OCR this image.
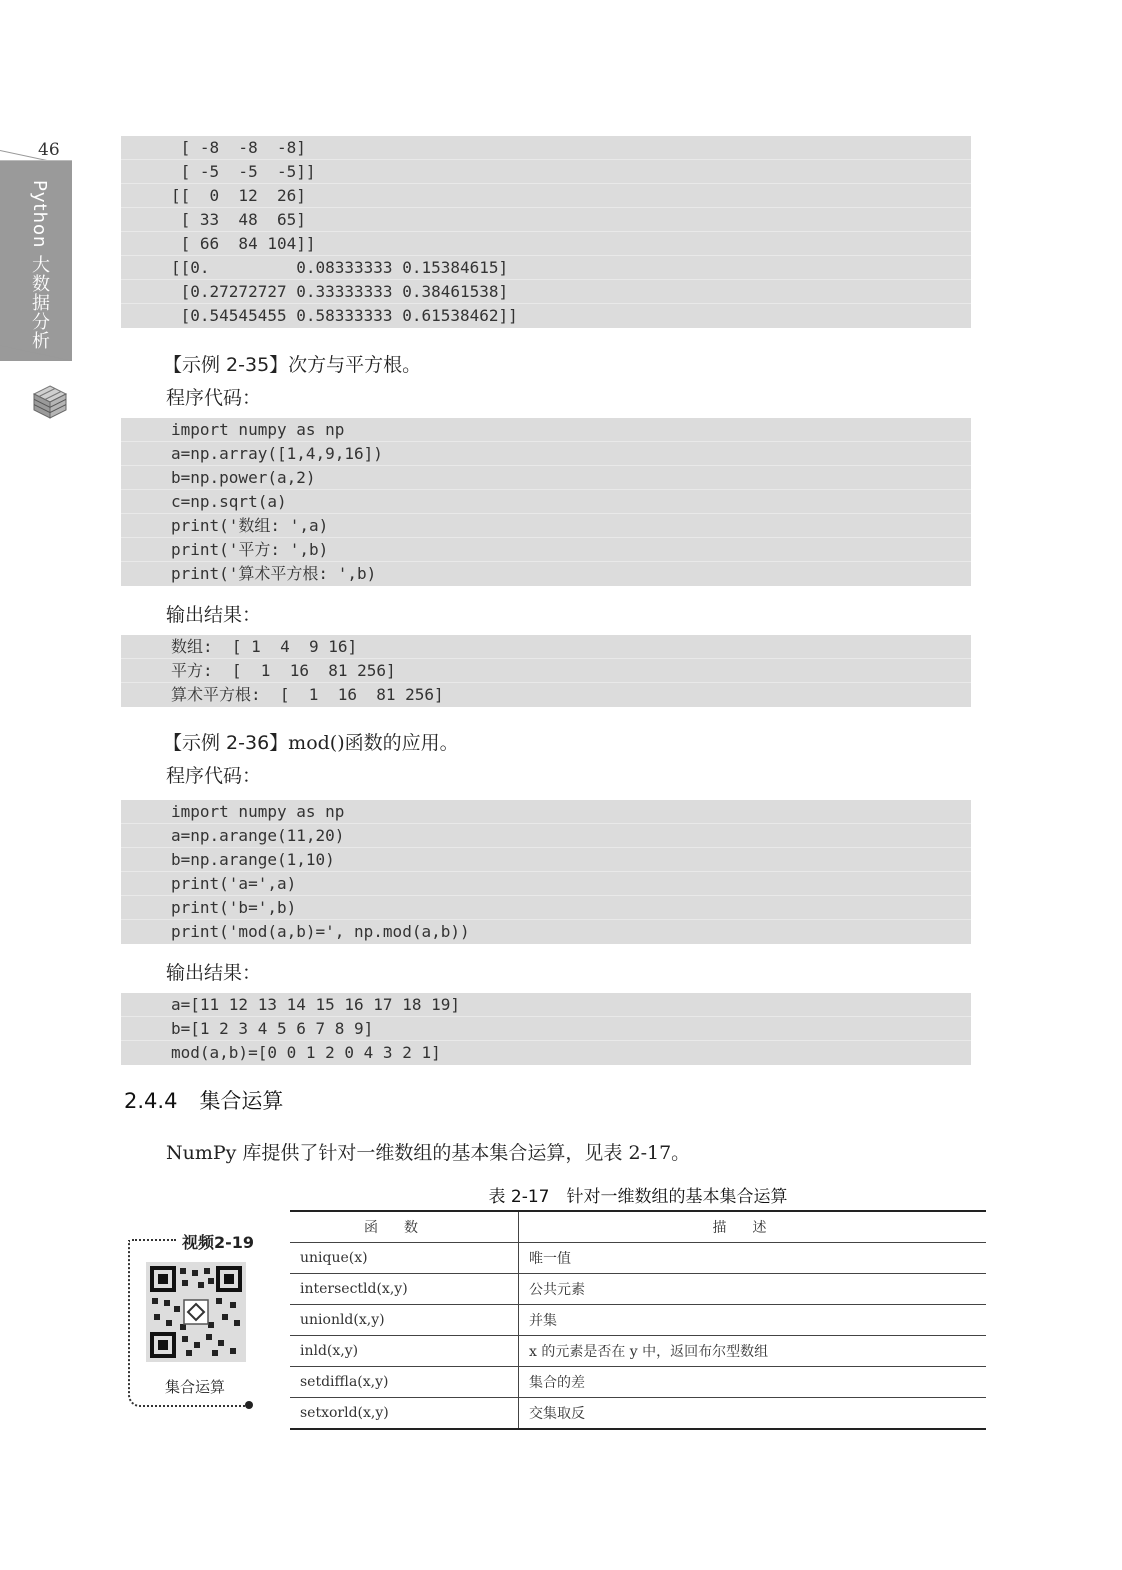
46
Python 大数据分析
[ -8  -8  -8]
[ -5  -5  -5]]
[[  0  12  26]
[ 33  48  65]
[ 66  84 104]]
[[0.         0.08333333 0.15384615]
[0.27272727 0.33333333 0.38461538]
[0.54545455 0.58333333 0.61538462]]
【示例 2-35】次方与平方根。
程序代码：
import numpy as np
a=np.array([1,4,9,16])
b=np.power(a,2)
c=np.sqrt(a)
print('数组: ',a)
print('平方: ',b)
print('算术平方根: ',b)
输出结果：
数组:  [ 1  4  9 16]
平方:  [  1  16  81 256]
算术平方根:  [  1  16  81 256]
【示例 2-36】mod()函数的应用。
程序代码：
import numpy as np
a=np.arange(11,20)
b=np.arange(1,10)
print('a=',a)
print('b=',b)
print('mod(a,b)=', np.mod(a,b))
输出结果：
a=[11 12 13 14 15 16 17 18 19]
b=[1 2 3 4 5 6 7 8 9]
mod(a,b)=[0 0 1 2 0 4 3 2 1]
2.4.4 集合运算
NumPy 库提供了针对一维数组的基本集合运算，见表 2-17。
表 2-17　针对一维数组的基本集合运算
函数	描述
unique(x)	唯一值
intersectld(x,y)	公共元素
unionld(x,y)	并集
inld(x,y)	x 的元素是否在 y 中，返回布尔型数组
setdiffla(x,y)	集合的差
setxorld(x,y)	交集取反
视频2-19
集合运算
